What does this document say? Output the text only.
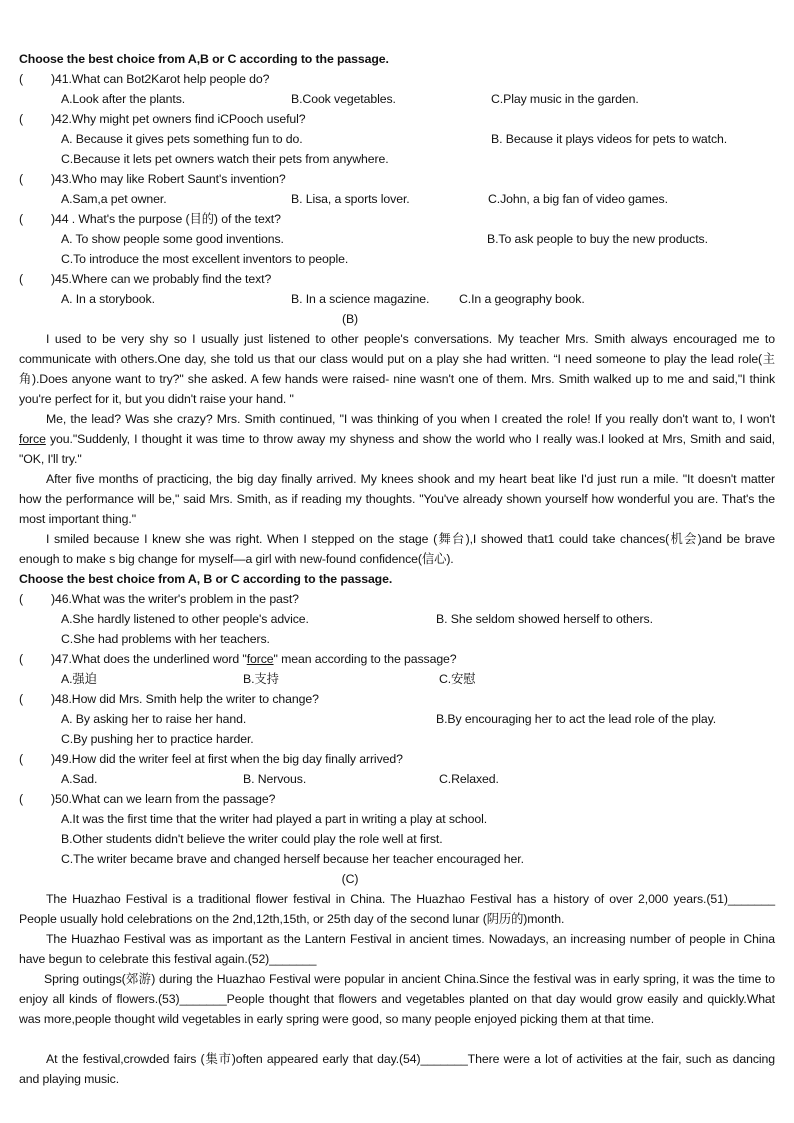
Choose the best choice from A,B or C according to the passage.
( )41.What can Bot2Karot help people do?
A.Look after the plants.	B.Cook vegetables.	C.Play music in the garden.
( )42.Why might pet owners find iCPooch useful?
A. Because it gives pets something fun to do.	B. Because it plays videos for pets to watch.
C.Because it lets pet owners watch their pets from anywhere.
( )43.Who may like Robert Saunt's invention?
A.Sam,a pet owner.	B. Lisa, a sports lover.	C.John, a big fan of video games.
( )44 . What's the purpose (目的) of the text?
A. To show people some good inventions.	B.To ask people to buy the new products.
C.To introduce the most excellent inventors to people.
( )45.Where can we probably find the text?
A. In a storybook.	B. In a science magazine. C.In a geography book.
(B)
I used to be very shy so I usually just listened to other people's conversations. My teacher Mrs. Smith always encouraged me to communicate with others.One day, she told us that our class would put on a play she had written. “I need someone to play the lead role(主角).Does anyone want to try?" she asked. A few hands were raised- nine wasn't one of them. Mrs. Smith walked up to me and said,"I think you're perfect for it, but you didn't raise your hand. "
Me, the lead? Was she crazy? Mrs. Smith continued, "I was thinking of you when I created the role! If you really don't want to, I won't force you."Suddenly, I thought it was time to throw away my shyness and show the world who I really was.I looked at Mrs, Smith and said, "OK, I'll try."
After five months of practicing, the big day finally arrived. My knees shook and my heart beat like I'd just run a mile. "It doesn't matter how the performance will be," said Mrs. Smith, as if reading my thoughts. "You've already shown yourself how wonderful you are. That's the most important thing."
I smiled because I knew she was right. When I stepped on the stage (舞台),I showed that1 could take chances(机会)and be brave enough to make s big change for myself—a girl with new-found confidence(信心).
Choose the best choice from A, B or C according to the passage.
( )46.What was the writer's problem in the past?
A.She hardly listened to other people's advice.	B. She seldom showed herself to others.
C.She had problems with her teachers.
( )47.What does the underlined word "force" mean according to the passage?
A.强迫	B.支持	C.安慰
( )48.How did Mrs. Smith help the writer to change?
A. By asking her to raise her hand.	B.By encouraging her to act the lead role of the play.
C.By pushing her to practice harder.
( )49.How did the writer feel at first when the big day finally arrived?
A.Sad.	B. Nervous.	C.Relaxed.
( )50.What can we learn from the passage?
A.It was the first time that the writer had played a part in writing a play at school.
B.Other students didn't believe the writer could play the role well at first.
C.The writer became brave and changed herself because her teacher encouraged her.
(C)
The Huazhao Festival is a traditional flower festival in China. The Huazhao Festival has a history of over 2,000 years.(51)_______ People usually hold celebrations on the 2nd,12th,15th, or 25th day of the second lunar (阴历的)month.
The Huazhao Festival was as important as the Lantern Festival in ancient times. Nowadays, an increasing number of people in China have begun to celebrate this festival again.(52)_______
Spring outings(郊游) during the Huazhao Festival were popular in ancient China.Since the festival was in early spring, it was the time to enjoy all kinds of flowers.(53)_______People thought that flowers and vegetables planted on that day would grow easily and quickly.What was more,people thought wild vegetables in early spring were good, so many people enjoyed picking them at that time.
At the festival,crowded fairs (集市)often appeared early that day.(54)_______There were a lot of activities at the fair, such as dancing and playing music.
